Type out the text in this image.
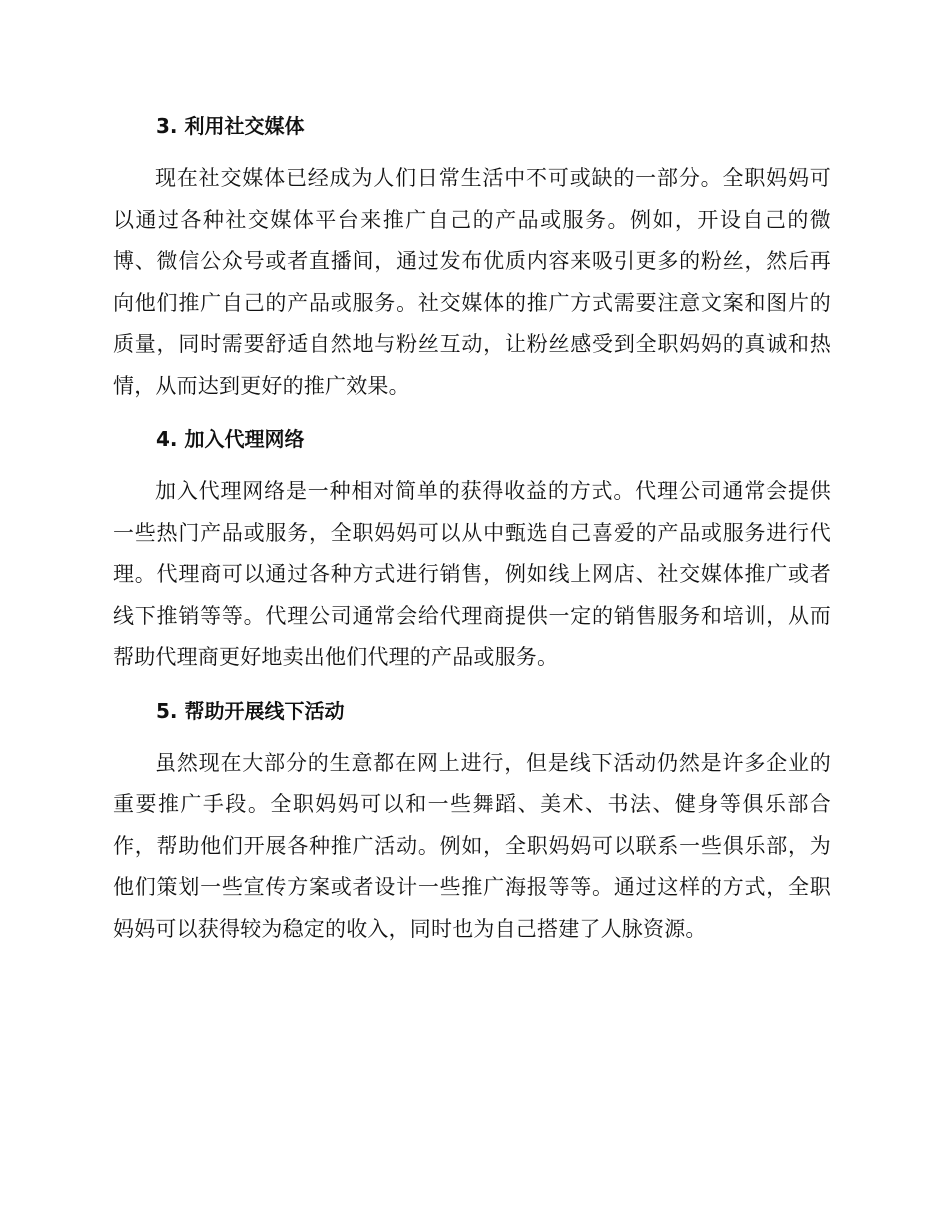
3. 利用社交媒体

现在社交媒体已经成为人们日常生活中不可或缺的一部分。全职妈妈可以通过各种社交媒体平台来推广自己的产品或服务。例如，开设自己的微博、微信公众号或者直播间，通过发布优质内容来吸引更多的粉丝，然后再向他们推广自己的产品或服务。社交媒体的推广方式需要注意文案和图片的质量，同时需要舒适自然地与粉丝互动，让粉丝感受到全职妈妈的真诚和热情，从而达到更好的推广效果。

4. 加入代理网络

加入代理网络是一种相对简单的获得收益的方式。代理公司通常会提供一些热门产品或服务，全职妈妈可以从中甄选自己喜爱的产品或服务进行代理。代理商可以通过各种方式进行销售，例如线上网店、社交媒体推广或者线下推销等等。代理公司通常会给代理商提供一定的销售服务和培训，从而帮助代理商更好地卖出他们代理的产品或服务。

5. 帮助开展线下活动

虽然现在大部分的生意都在网上进行，但是线下活动仍然是许多企业的重要推广手段。全职妈妈可以和一些舞蹈、美术、书法、健身等俱乐部合作，帮助他们开展各种推广活动。例如，全职妈妈可以联系一些俱乐部，为他们策划一些宣传方案或者设计一些推广海报等等。通过这样的方式，全职妈妈可以获得较为稳定的收入，同时也为自己搭建了人脉资源。
